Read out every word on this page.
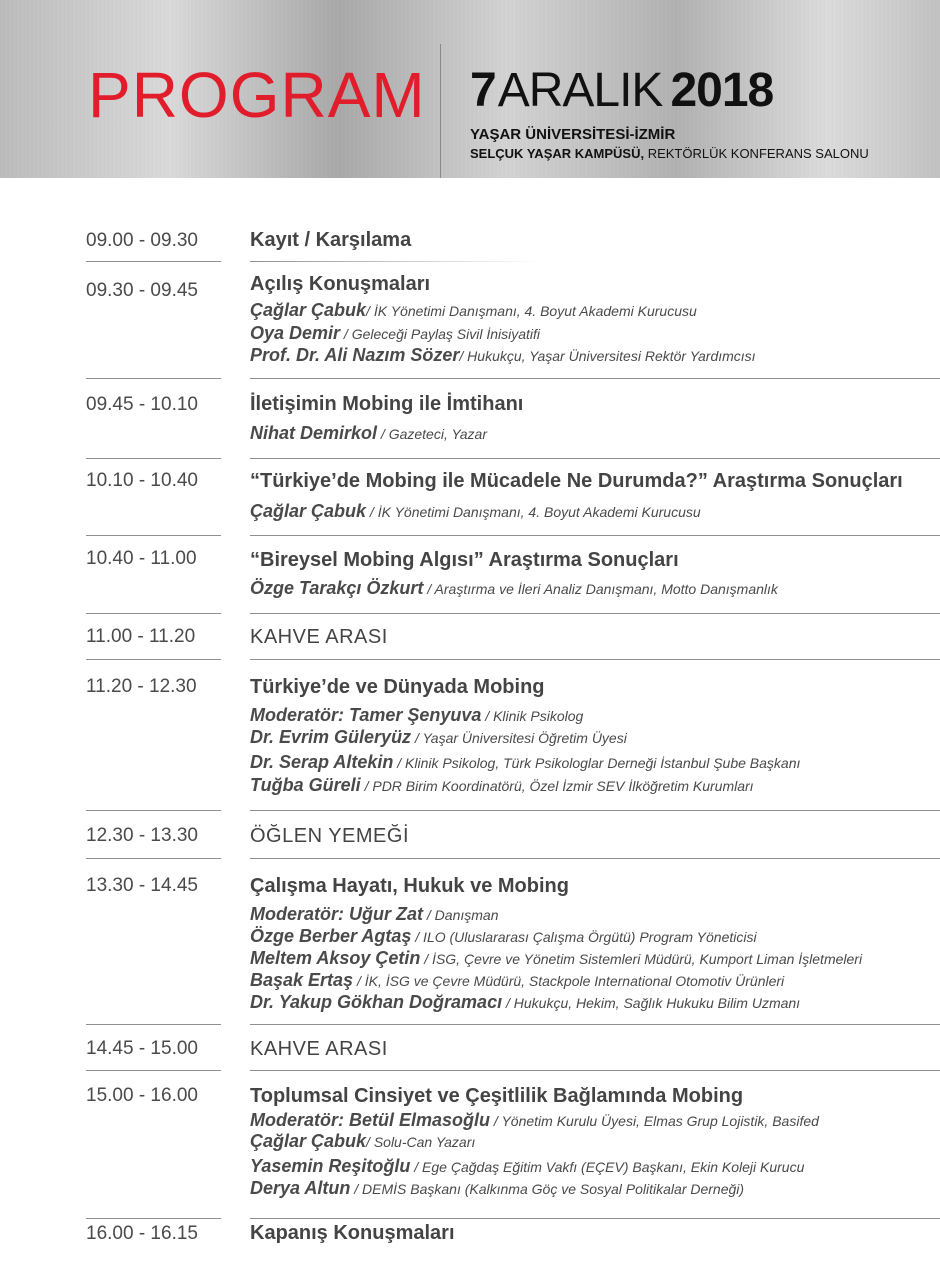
PROGRAM 7ARALIK 2018
YAŞAR ÜNİVERSİTESİ-İZMİR
SELÇUK YAŞAR KAMPÜSÜ, REKTÖRLÜK KONFERANS SALONU
09.00 - 09.30	Kayıt / Karşılama
09.30 - 09.45	Açılış Konuşmaları
Çağlar Çabuk/ İK Yönetimi Danışmanı, 4. Boyut Akademi Kurucusu
Oya Demir / Geleceği Paylaş Sivil İnisiyatifi
Prof. Dr. Ali Nazım Sözer/ Hukukçu, Yaşar Üniversitesi Rektör Yardımcısı
09.45 - 10.10	İletişimin Mobing ile İmtihanı
Nihat Demirkol / Gazeteci, Yazar
10.10 - 10.40	“Türkiye’de Mobing ile Mücadele Ne Durumda?” Araştırma Sonuçları
Çağlar Çabuk / İK Yönetimi Danışmanı, 4. Boyut Akademi Kurucusu
10.40 - 11.00	“Bireysel Mobing Algısı” Araştırma Sonuçları
Özge Tarakçı Özkurt / Araştırma ve İleri Analiz Danışmanı, Motto Danışmanlık
11.00 - 11.20	KAHVE ARASI
11.20 - 12.30	Türkiye’de ve Dünyada Mobing
Moderatör: Tamer Şenyuva / Klinik Psikolog
Dr. Evrim Güleryüz / Yaşar Üniversitesi Öğretim Üyesi
Dr. Serap Altekin / Klinik Psikolog, Türk Psikologlar Derneği İstanbul Şube Başkanı
Tuğba Güreli / PDR Birim Koordinatörü, Özel İzmir SEV İlköğretim Kurumları
12.30 - 13.30	ÖĞLEN YEMEĞİ
13.30 - 14.45	Çalışma Hayatı, Hukuk ve Mobing
Moderatör: Uğur Zat / Danışman
Özge Berber Agtaş / ILO (Uluslararası Çalışma Örgütü) Program Yöneticisi
Meltem Aksoy Çetin / İSG, Çevre ve Yönetim Sistemleri Müdürü, Kumport Liman İşletmeleri
Başak Ertaş / İK, İSG ve Çevre Müdürü, Stackpole International Otomotiv Ürünleri
Dr. Yakup Gökhan Doğramacı / Hukukçu, Hekim, Sağlık Hukuku Bilim Uzmanı
14.45 - 15.00	KAHVE ARASI
15.00 - 16.00	Toplumsal Cinsiyet ve Çeşitlilik Bağlamında Mobing
Moderatör: Betül Elmasoğlu / Yönetim Kurulu Üyesi, Elmas Grup Lojistik, Basifed
Çağlar Çabuk/ Solu-Can Yazarı
Yasemin Reşitoğlu / Ege Çağdaş Eğitim Vakfı (EÇEV) Başkanı, Ekin Koleji Kurucu
Derya Altun / DEMİS Başkanı (Kalkınma Göç ve Sosyal Politikalar Derneği)
16.00 - 16.15	Kapanış Konuşmaları
